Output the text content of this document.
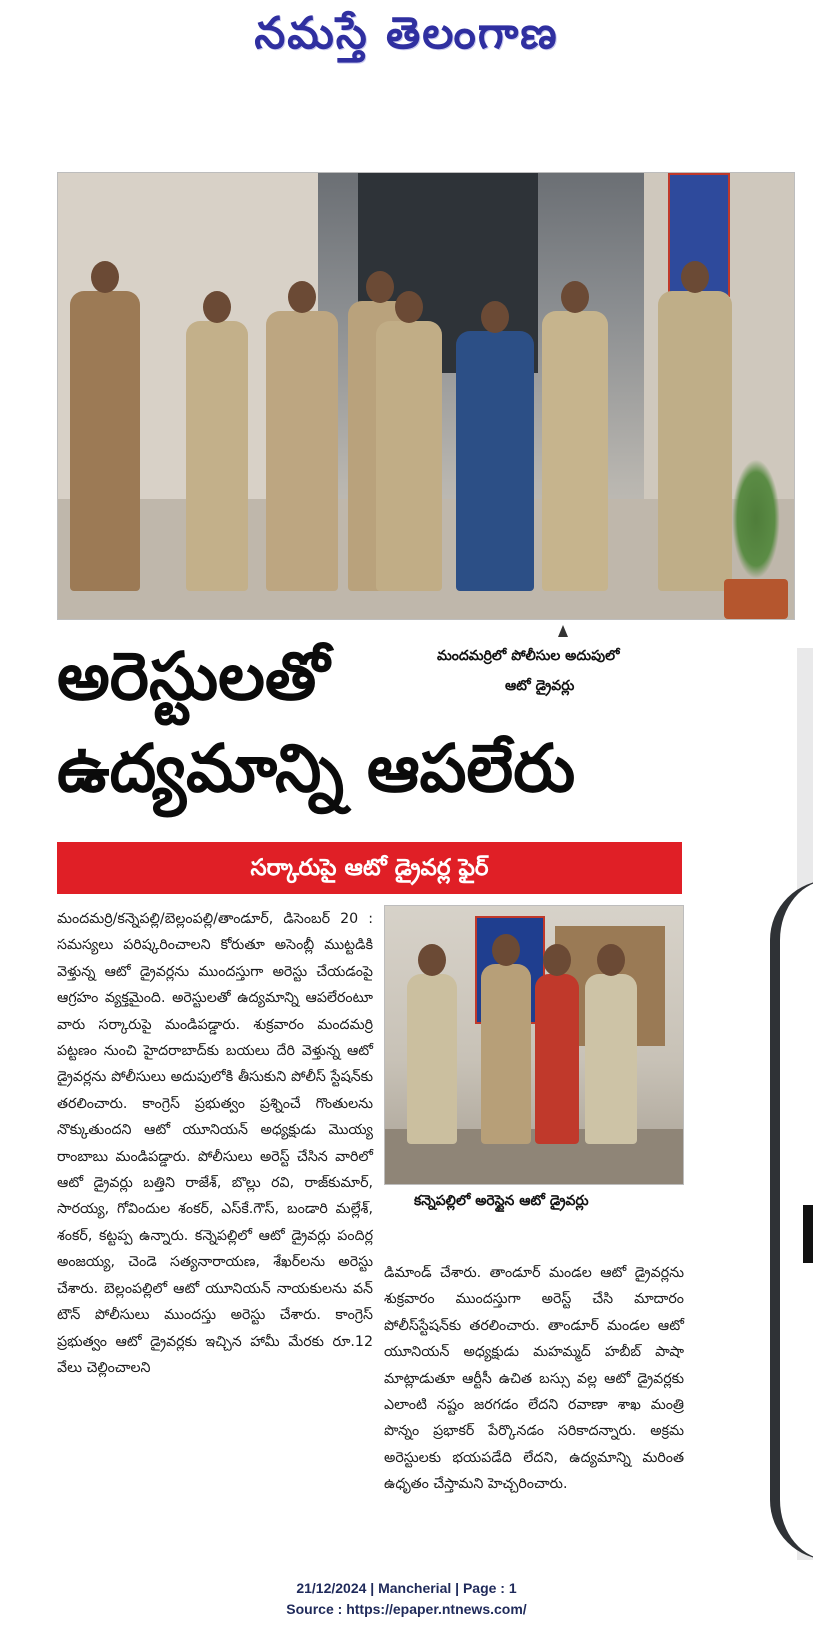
నమస్తే తెలంగాణ
మందమర్రిలో పోలీసుల అదుపులో
ఆటో డ్రైవర్లు
అరెస్టులతో
ఉద్యమాన్ని ఆపలేరు
సర్కారుపై ఆటో డ్రైవర్ల ఫైర్

మందమర్రి/కన్నెపల్లి/బెల్లంపల్లి/తాండూర్, డిసెంబర్ 20 : సమస్యలు పరిష్కరించాలని కోరుతూ అసెంబ్లీ ముట్టడికి వెళ్తున్న ఆటో డ్రైవర్లను ముందస్తుగా అరెస్టు చేయడంపై ఆగ్రహం వ్యక్తమైంది. అరెస్టులతో ఉద్యమాన్ని ఆపలేరంటూ వారు సర్కారుపై మండిపడ్డారు. శుక్రవారం మందమర్రి పట్టణం నుంచి హైదరాబాద్‌కు బయలు దేరి వెళ్తున్న ఆటో డ్రైవర్లను పోలీసులు అదుపులోకి తీసుకుని పోలీస్ స్టేషన్‌కు తరలించారు. కాంగ్రెస్ ప్రభుత్వం ప్రశ్నించే గొంతులను నొక్కుతుందని ఆటో యూనియన్ అధ్యక్షుడు మొయ్య రాంబాబు మండిపడ్డారు. పోలీసులు అరెస్ట్ చేసిన వారిలో ఆటో డ్రైవర్లు బత్తిని రాజేశ్, బొల్లు రవి, రాజ్‌కుమార్, సారయ్య, గోవిందుల శంకర్, ఎస్‌కే.గౌస్, బండారి మల్లేశ్, శంకర్, కట్టప్ప ఉన్నారు. కన్నెపల్లిలో ఆటో డ్రైవర్లు పందిర్ల అంజయ్య, చెండె సత్యనారాయణ, శేఖర్‌లను అరెస్టు చేశారు. బెల్లంపల్లిలో ఆటో యూనియన్ నాయకులను వన్ టౌన్ పోలీసులు ముందస్తు అరెస్టు చేశారు. కాంగ్రెస్ ప్రభుత్వం ఆటో డ్రైవర్లకు ఇచ్చిన హామీ మేరకు రూ.12 వేలు చెల్లించాలని

కన్నెపల్లిలో అరెస్టైన ఆటో డ్రైవర్లు

డిమాండ్ చేశారు. తాండూర్ మండల ఆటో డ్రైవర్లను శుక్రవారం ముందస్తుగా అరెస్ట్ చేసి మాదారం పోలీస్‌స్టేషన్‌కు తరలించారు. తాండూర్ మండల ఆటో యూనియన్ అధ్యక్షుడు మహమ్మద్ హబీబ్ పాషా మాట్లాడుతూ ఆర్టీసీ ఉచిత బస్సు వల్ల ఆటో డ్రైవర్లకు ఎలాంటి నష్టం జరగడం లేదని రవాణా శాఖ మంత్రి పొన్నం ప్రభాకర్ పేర్కొనడం సరికాదన్నారు. అక్రమ అరెస్టులకు భయపడేది లేదని, ఉద్యమాన్ని మరింత ఉధృతం చేస్తామని హెచ్చరించారు.

21/12/2024 | Mancherial | Page : 1
Source : https://epaper.ntnews.com/
